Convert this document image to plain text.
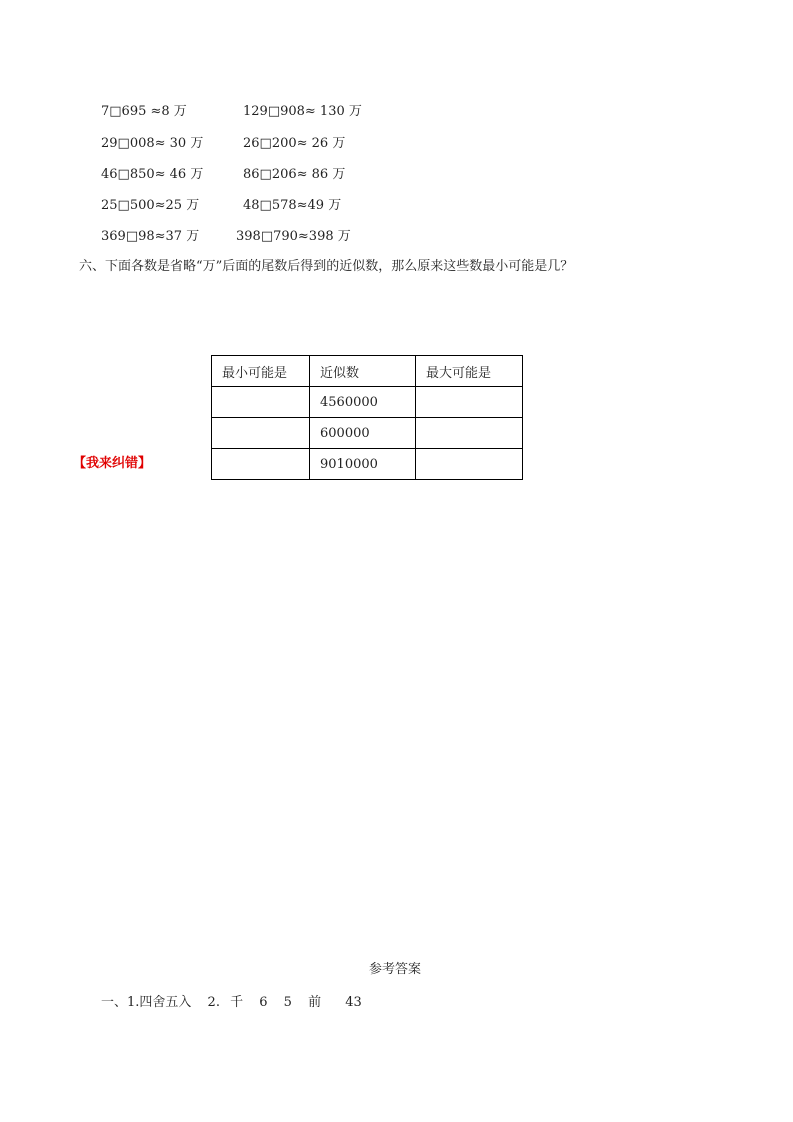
7□695 ≈8 万	129□908≈ 130 万
29□008≈ 30 万	26□200≈ 26 万
46□850≈ 46 万	86□206≈ 86 万
25□500≈25 万	48□578≈49 万
369□98≈37 万	398□790≈398 万
六、下面各数是省略“万”后面的尾数后得到的近似数，那么原来这些数最小可能是几？
最小可能是	近似数	最大可能是
	4560000	
	600000	
	9010000	
【我来纠错】
参考答案
一、1.四舍五入 2. 千 6 5 前 43
